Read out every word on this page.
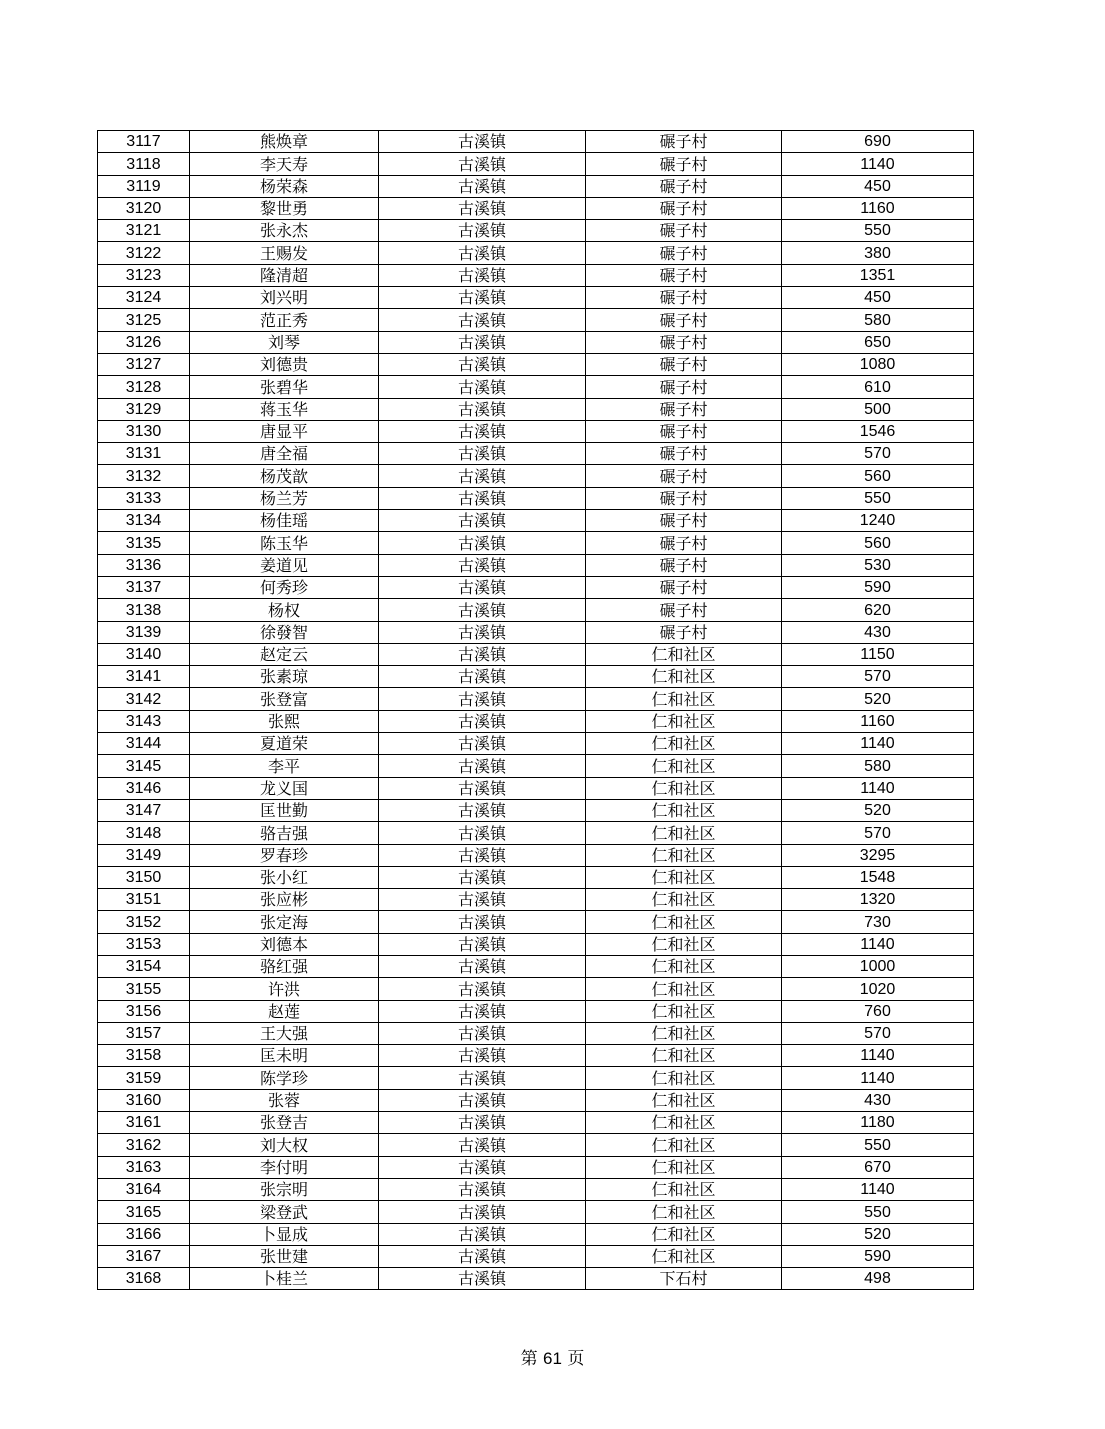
3117	熊焕章	古溪镇	碾子村	690
3118	李天寿	古溪镇	碾子村	1140
3119	杨荣森	古溪镇	碾子村	450
3120	黎世勇	古溪镇	碾子村	1160
3121	张永杰	古溪镇	碾子村	550
3122	王赐发	古溪镇	碾子村	380
3123	隆清超	古溪镇	碾子村	1351
3124	刘兴明	古溪镇	碾子村	450
3125	范正秀	古溪镇	碾子村	580
3126	刘琴	古溪镇	碾子村	650
3127	刘德贵	古溪镇	碾子村	1080
3128	张碧华	古溪镇	碾子村	610
3129	蒋玉华	古溪镇	碾子村	500
3130	唐显平	古溪镇	碾子村	1546
3131	唐全福	古溪镇	碾子村	570
3132	杨茂歆	古溪镇	碾子村	560
3133	杨兰芳	古溪镇	碾子村	550
3134	杨佳瑶	古溪镇	碾子村	1240
3135	陈玉华	古溪镇	碾子村	560
3136	姜道见	古溪镇	碾子村	530
3137	何秀珍	古溪镇	碾子村	590
3138	杨权	古溪镇	碾子村	620
3139	徐發智	古溪镇	碾子村	430
3140	赵定云	古溪镇	仁和社区	1150
3141	张素琼	古溪镇	仁和社区	570
3142	张登富	古溪镇	仁和社区	520
3143	张熙	古溪镇	仁和社区	1160
3144	夏道荣	古溪镇	仁和社区	1140
3145	李平	古溪镇	仁和社区	580
3146	龙义国	古溪镇	仁和社区	1140
3147	匡世勤	古溪镇	仁和社区	520
3148	骆吉强	古溪镇	仁和社区	570
3149	罗春珍	古溪镇	仁和社区	3295
3150	张小红	古溪镇	仁和社区	1548
3151	张应彬	古溪镇	仁和社区	1320
3152	张定海	古溪镇	仁和社区	730
3153	刘德本	古溪镇	仁和社区	1140
3154	骆红强	古溪镇	仁和社区	1000
3155	许洪	古溪镇	仁和社区	1020
3156	赵莲	古溪镇	仁和社区	760
3157	王大强	古溪镇	仁和社区	570
3158	匡未明	古溪镇	仁和社区	1140
3159	陈学珍	古溪镇	仁和社区	1140
3160	张蓉	古溪镇	仁和社区	430
3161	张登吉	古溪镇	仁和社区	1180
3162	刘大权	古溪镇	仁和社区	550
3163	李付明	古溪镇	仁和社区	670
3164	张宗明	古溪镇	仁和社区	1140
3165	梁登武	古溪镇	仁和社区	550
3166	卜显成	古溪镇	仁和社区	520
3167	张世建	古溪镇	仁和社区	590
3168	卜桂兰	古溪镇	下石村	498
第 61 页
